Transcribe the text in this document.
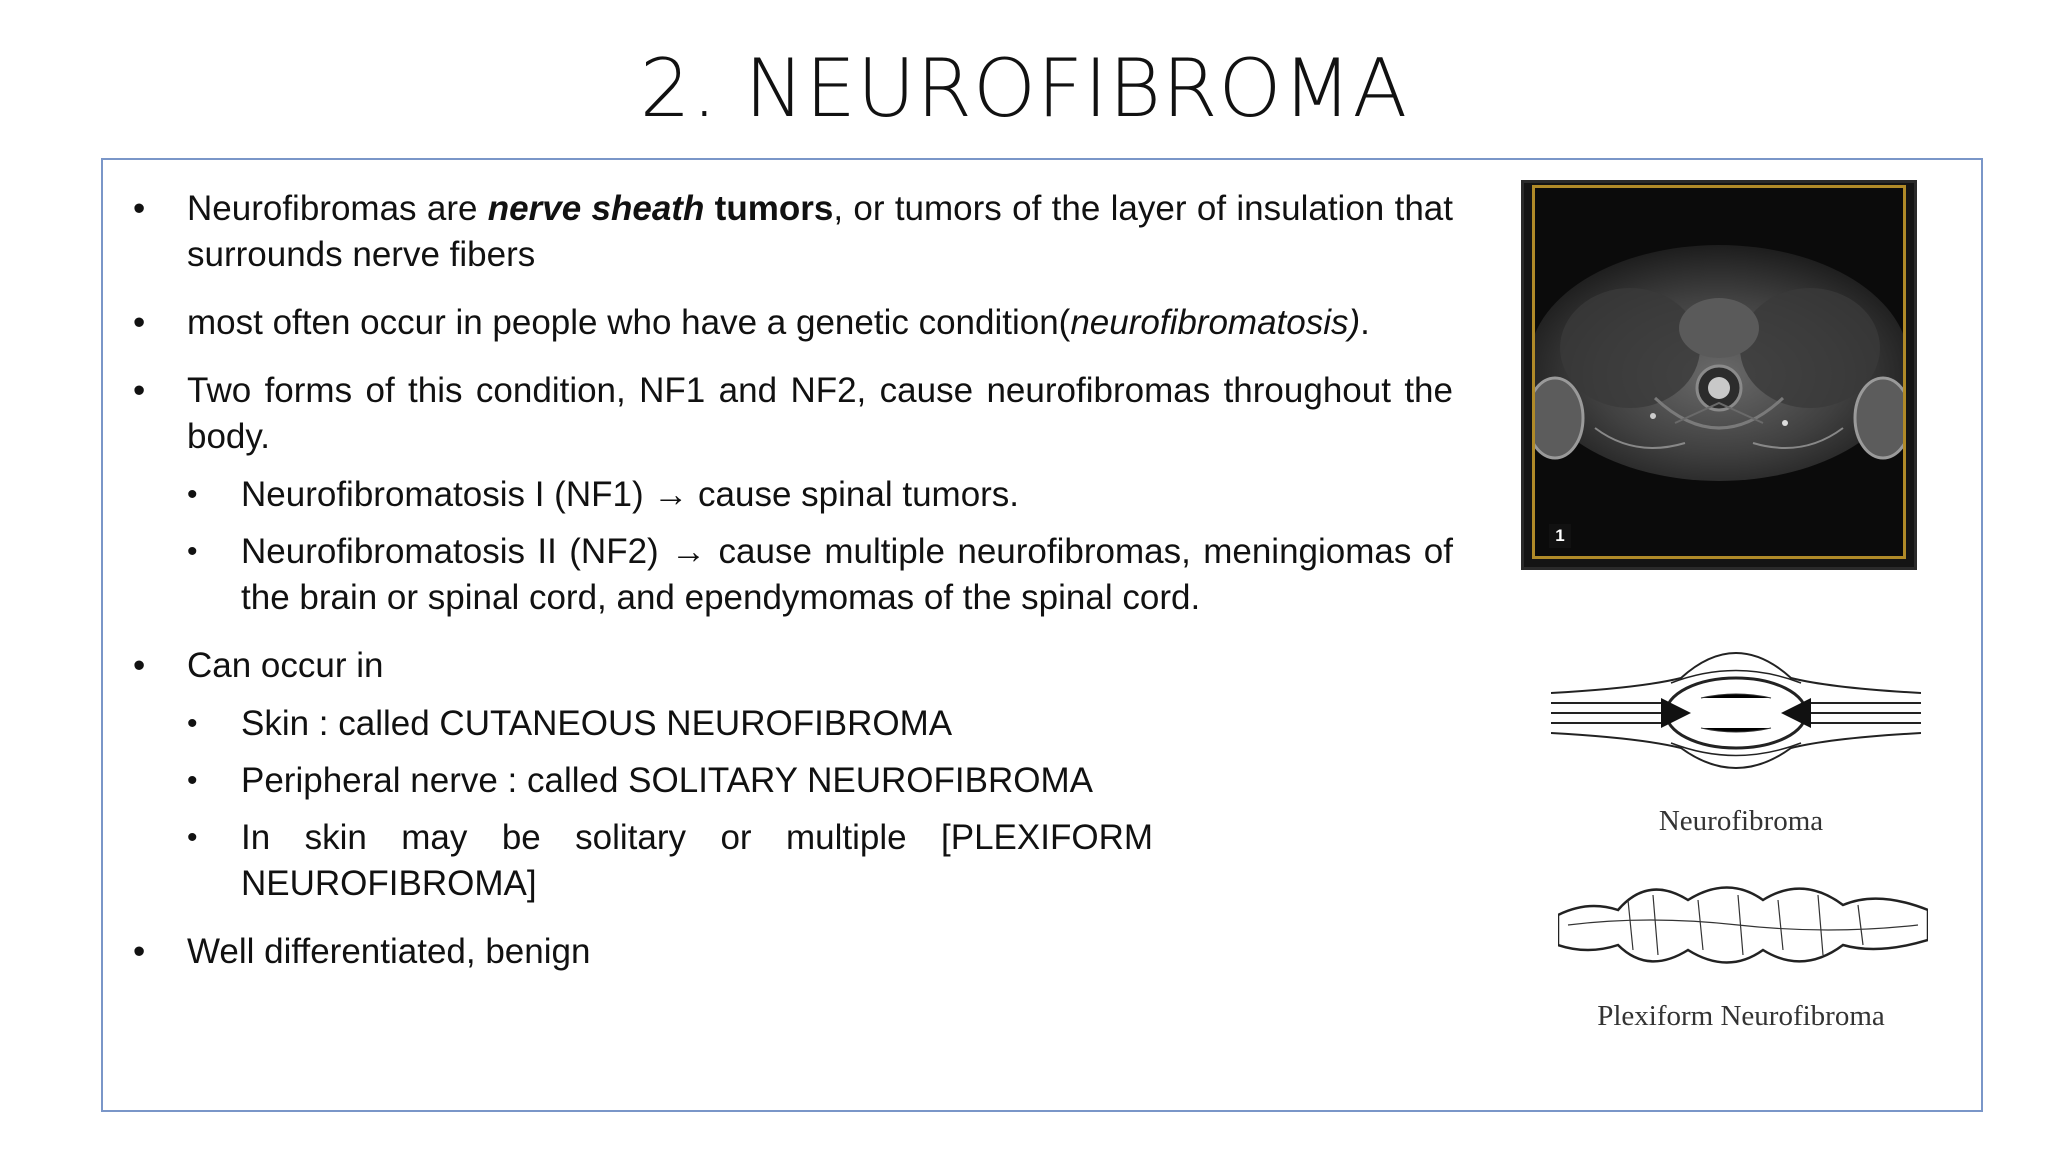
2. NEUROFIBROMA
• Neurofibromas are nerve sheath tumors, or tumors of the layer of insulation that surrounds nerve fibers
• most often occur in people who have a genetic condition(neurofibromatosis).
• Two forms of this condition, NF1 and NF2, cause neurofibromas throughout the body.
• Neurofibromatosis I (NF1) → cause spinal tumors.
• Neurofibromatosis II (NF2) → cause multiple neurofibromas, meningiomas of the brain or spinal cord, and ependymomas of the spinal cord.
• Can occur in
• Skin : called CUTANEOUS NEUROFIBROMA
• Peripheral nerve : called SOLITARY NEUROFIBROMA
• In skin may be solitary or multiple [PLEXIFORM NEUROFIBROMA]
• Well differentiated, benign
1
Neurofibroma
Plexiform Neurofibroma
